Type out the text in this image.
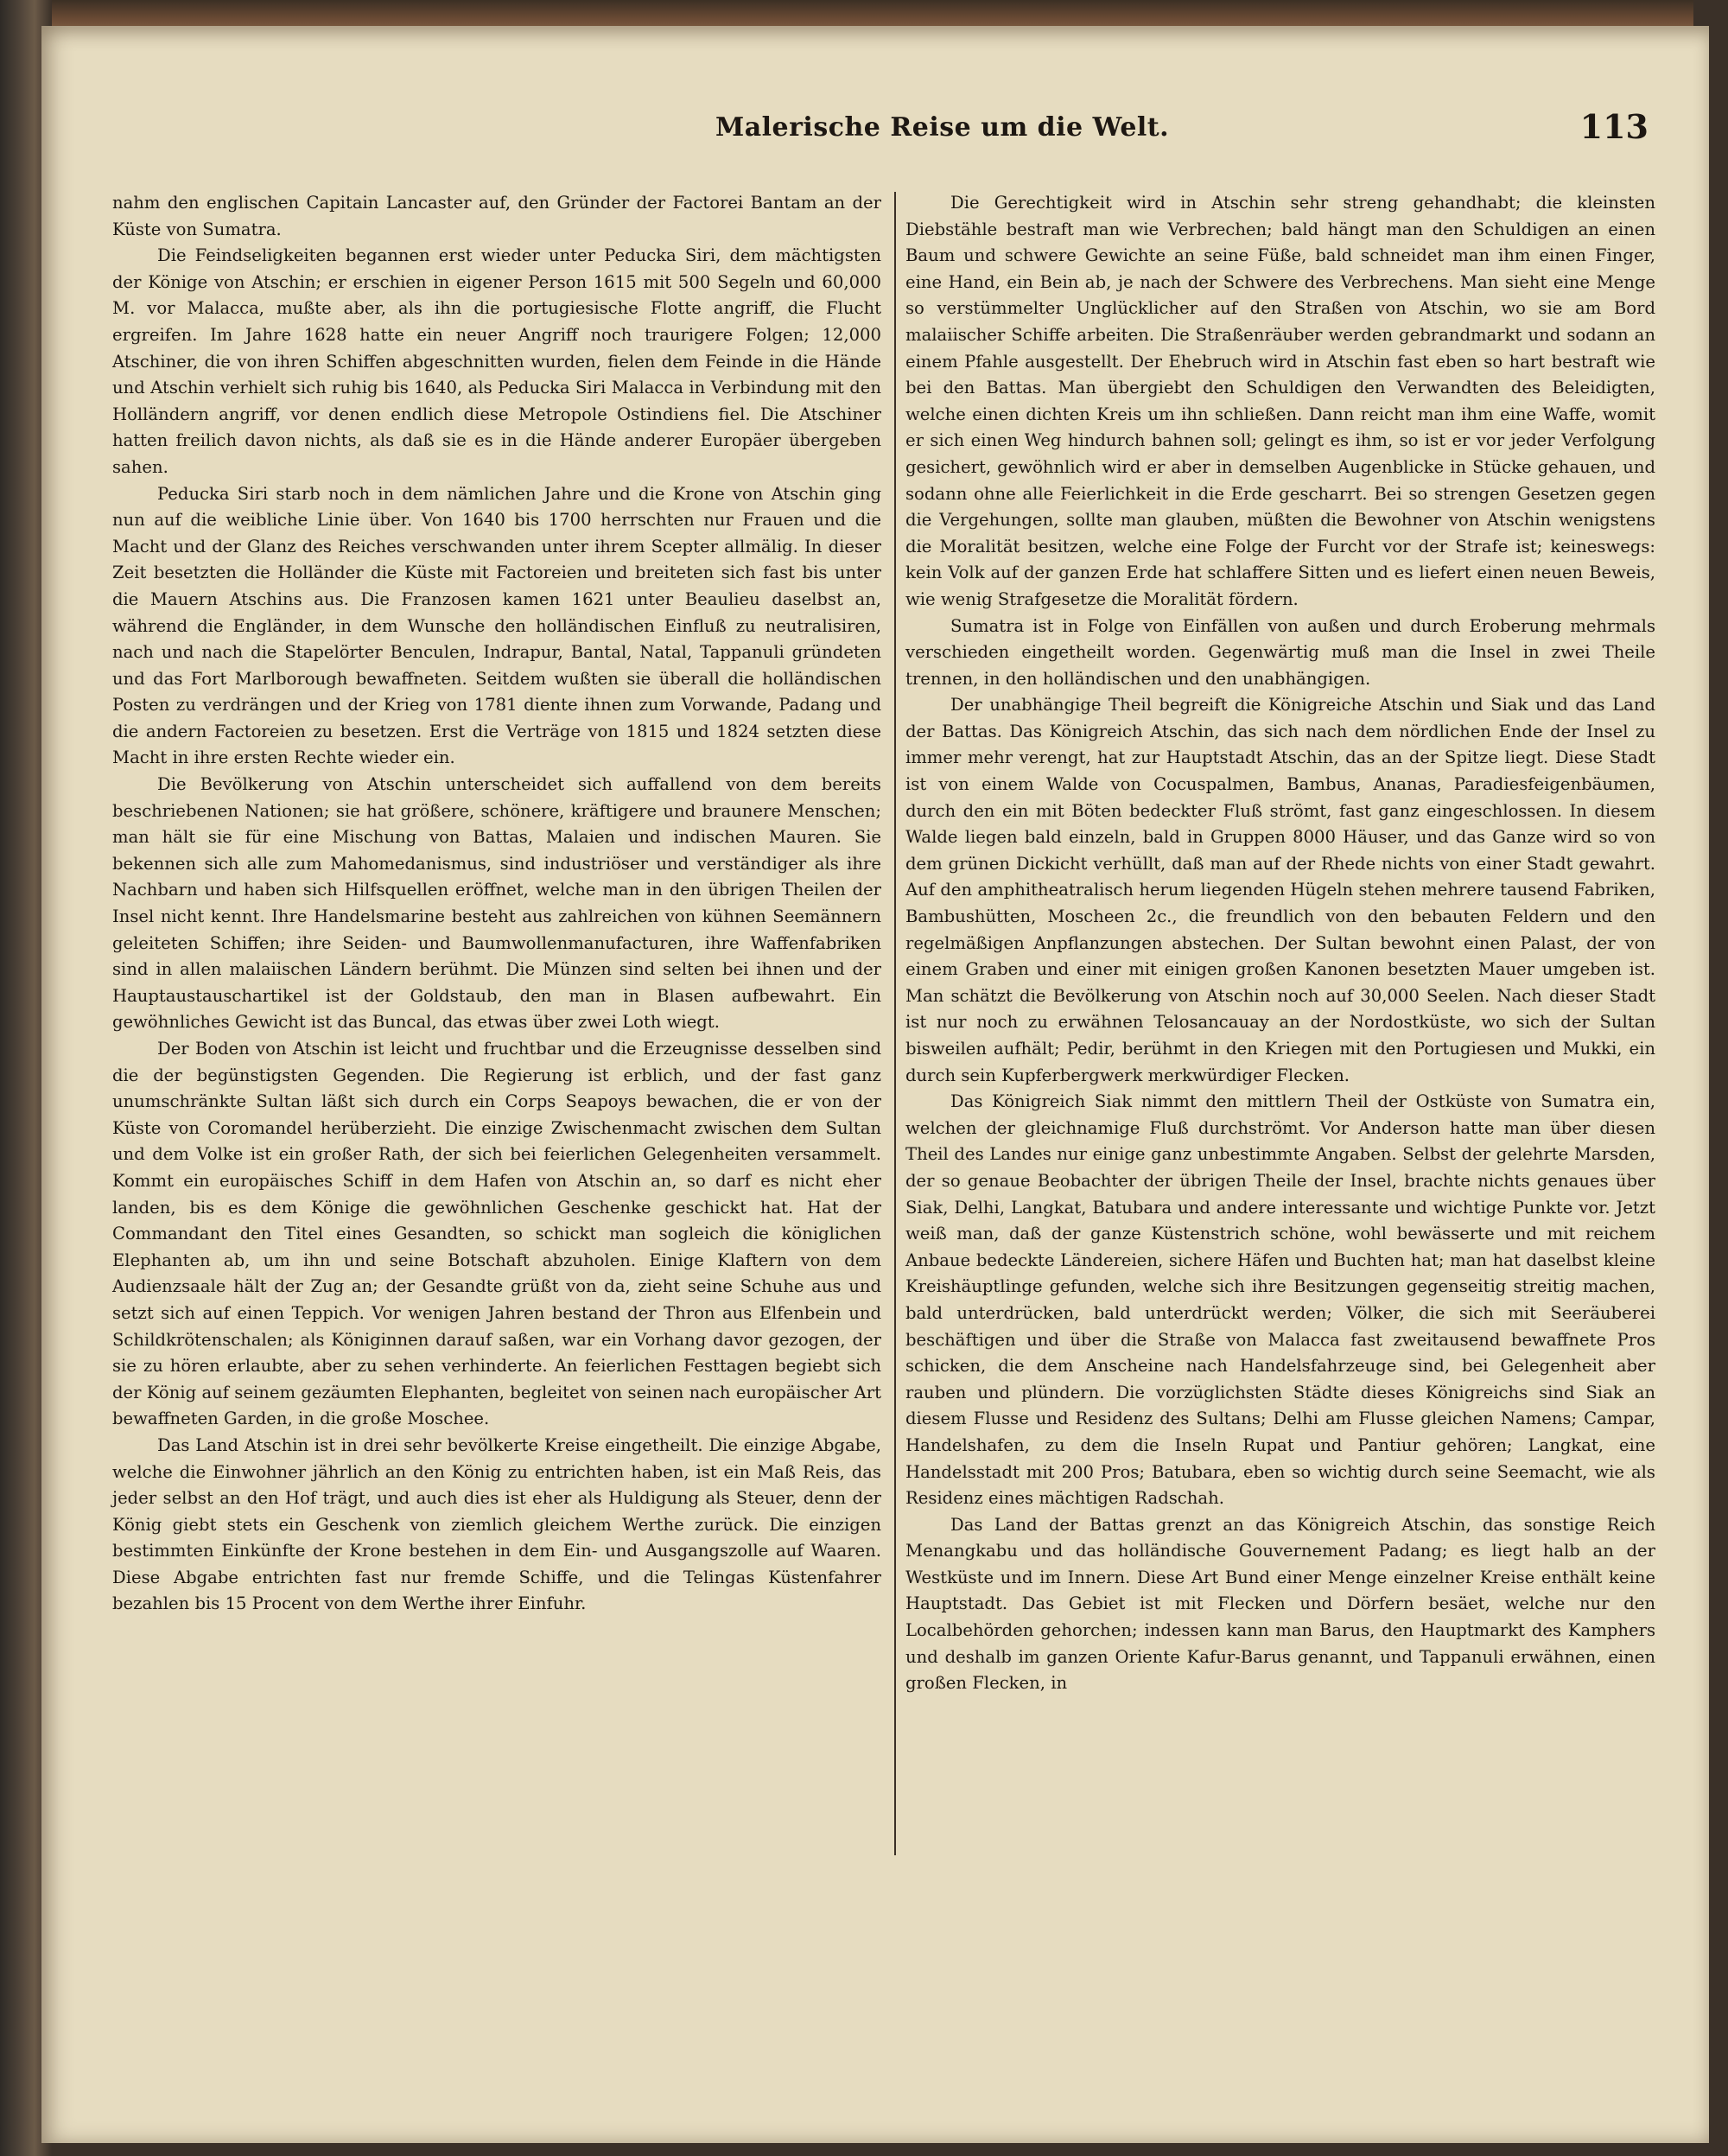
Malerische Reise um die Welt.	113

nahm den englischen Capitain Lancaster auf, den Gründer der Factorei Bantam an der Küste von Sumatra.

Die Feindseligkeiten begannen erst wieder unter Peducka Siri, dem mächtigsten der Könige von Atschin; er erschien in eigener Person 1615 mit 500 Segeln und 60,000 M. vor Malacca, mußte aber, als ihn die portugiesische Flotte angriff, die Flucht ergreifen. Im Jahre 1628 hatte ein neuer Angriff noch traurigere Folgen; 12,000 Atschiner, die von ihren Schiffen abgeschnitten wurden, fielen dem Feinde in die Hände und Atschin verhielt sich ruhig bis 1640, als Peducka Siri Malacca in Verbindung mit den Holländern angriff, vor denen endlich diese Metropole Ostindiens fiel. Die Atschiner hatten freilich davon nichts, als daß sie es in die Hände anderer Europäer übergeben sahen.

Peducka Siri starb noch in dem nämlichen Jahre und die Krone von Atschin ging nun auf die weibliche Linie über. Von 1640 bis 1700 herrschten nur Frauen und die Macht und der Glanz des Reiches verschwanden unter ihrem Scepter allmälig. In dieser Zeit besetzten die Holländer die Küste mit Factoreien und breiteten sich fast bis unter die Mauern Atschins aus. Die Franzosen kamen 1621 unter Beaulieu daselbst an, während die Engländer, in dem Wunsche den holländischen Einfluß zu neutralisiren, nach und nach die Stapelörter Benculen, Indrapur, Bantal, Natal, Tappanuli gründeten und das Fort Marlborough bewaffneten. Seitdem wußten sie überall die holländischen Posten zu verdrängen und der Krieg von 1781 diente ihnen zum Vorwande, Padang und die andern Factoreien zu besetzen. Erst die Verträge von 1815 und 1824 setzten diese Macht in ihre ersten Rechte wieder ein.

Die Bevölkerung von Atschin unterscheidet sich auffallend von dem bereits beschriebenen Nationen; sie hat größere, schönere, kräftigere und braunere Menschen; man hält sie für eine Mischung von Battas, Malaien und indischen Mauren. Sie bekennen sich alle zum Mahomedanismus, sind industriöser und verständiger als ihre Nachbarn und haben sich Hilfsquellen eröffnet, welche man in den übrigen Theilen der Insel nicht kennt. Ihre Handelsmarine besteht aus zahlreichen von kühnen Seemännern geleiteten Schiffen; ihre Seiden- und Baumwollenmanufacturen, ihre Waffenfabriken sind in allen malaiischen Ländern berühmt. Die Münzen sind selten bei ihnen und der Hauptaustauschartikel ist der Goldstaub, den man in Blasen aufbewahrt. Ein gewöhnliches Gewicht ist das Buncal, das etwas über zwei Loth wiegt.

Der Boden von Atschin ist leicht und fruchtbar und die Erzeugnisse desselben sind die der begünstigsten Gegenden. Die Regierung ist erblich, und der fast ganz unumschränkte Sultan läßt sich durch ein Corps Seapoys bewachen, die er von der Küste von Coromandel herüberzieht. Die einzige Zwischenmacht zwischen dem Sultan und dem Volke ist ein großer Rath, der sich bei feierlichen Gelegenheiten versammelt. Kommt ein europäisches Schiff in dem Hafen von Atschin an, so darf es nicht eher landen, bis es dem Könige die gewöhnlichen Geschenke geschickt hat. Hat der Commandant den Titel eines Gesandten, so schickt man sogleich die königlichen Elephanten ab, um ihn und seine Botschaft abzuholen. Einige Klaftern von dem Audienzsaale hält der Zug an; der Gesandte grüßt von da, zieht seine Schuhe aus und setzt sich auf einen Teppich. Vor wenigen Jahren bestand der Thron aus Elfenbein und Schildkrötenschalen; als Königinnen darauf saßen, war ein Vorhang davor gezogen, der sie zu hören erlaubte, aber zu sehen verhinderte. An feierlichen Festtagen begiebt sich der König auf seinem gezäumten Elephanten, begleitet von seinen nach europäischer Art bewaffneten Garden, in die große Moschee.

Das Land Atschin ist in drei sehr bevölkerte Kreise eingetheilt. Die einzige Abgabe, welche die Einwohner jährlich an den König zu entrichten haben, ist ein Maß Reis, das jeder selbst an den Hof trägt, und auch dies ist eher als Huldigung als Steuer, denn der König giebt stets ein Geschenk von ziemlich gleichem Werthe zurück. Die einzigen bestimmten Einkünfte der Krone bestehen in dem Ein- und Ausgangszolle auf Waaren. Diese Abgabe entrichten fast nur fremde Schiffe, und die Telingas Küstenfahrer bezahlen bis 15 Procent von dem Werthe ihrer Einfuhr.

Die Gerechtigkeit wird in Atschin sehr streng gehandhabt; die kleinsten Diebstähle bestraft man wie Verbrechen; bald hängt man den Schuldigen an einen Baum und schwere Gewichte an seine Füße, bald schneidet man ihm einen Finger, eine Hand, ein Bein ab, je nach der Schwere des Verbrechens. Man sieht eine Menge so verstümmelter Unglücklicher auf den Straßen von Atschin, wo sie am Bord malaiischer Schiffe arbeiten. Die Straßenräuber werden gebrandmarkt und sodann an einem Pfahle ausgestellt. Der Ehebruch wird in Atschin fast eben so hart bestraft wie bei den Battas. Man übergiebt den Schuldigen den Verwandten des Beleidigten, welche einen dichten Kreis um ihn schließen. Dann reicht man ihm eine Waffe, womit er sich einen Weg hindurch bahnen soll; gelingt es ihm, so ist er vor jeder Verfolgung gesichert, gewöhnlich wird er aber in demselben Augenblicke in Stücke gehauen, und sodann ohne alle Feierlichkeit in die Erde gescharrt. Bei so strengen Gesetzen gegen die Vergehungen, sollte man glauben, müßten die Bewohner von Atschin wenigstens die Moralität besitzen, welche eine Folge der Furcht vor der Strafe ist; keineswegs: kein Volk auf der ganzen Erde hat schlaffere Sitten und es liefert einen neuen Beweis, wie wenig Strafgesetze die Moralität fördern.

Sumatra ist in Folge von Einfällen von außen und durch Eroberung mehrmals verschieden eingetheilt worden. Gegenwärtig muß man die Insel in zwei Theile trennen, in den holländischen und den unabhängigen.

Der unabhängige Theil begreift die Königreiche Atschin und Siak und das Land der Battas. Das Königreich Atschin, das sich nach dem nördlichen Ende der Insel zu immer mehr verengt, hat zur Hauptstadt Atschin, das an der Spitze liegt. Diese Stadt ist von einem Walde von Cocuspalmen, Bambus, Ananas, Paradiesfeigenbäumen, durch den ein mit Böten bedeckter Fluß strömt, fast ganz eingeschlossen. In diesem Walde liegen bald einzeln, bald in Gruppen 8000 Häuser, und das Ganze wird so von dem grünen Dickicht verhüllt, daß man auf der Rhede nichts von einer Stadt gewahrt. Auf den amphitheatralisch herum liegenden Hügeln stehen mehrere tausend Fabriken, Bambushütten, Moscheen 2c., die freundlich von den bebauten Feldern und den regelmäßigen Anpflanzungen abstechen. Der Sultan bewohnt einen Palast, der von einem Graben und einer mit einigen großen Kanonen besetzten Mauer umgeben ist. Man schätzt die Bevölkerung von Atschin noch auf 30,000 Seelen. Nach dieser Stadt ist nur noch zu erwähnen Telosancauay an der Nordostküste, wo sich der Sultan bisweilen aufhält; Pedir, berühmt in den Kriegen mit den Portugiesen und Mukki, ein durch sein Kupferbergwerk merkwürdiger Flecken.

Das Königreich Siak nimmt den mittlern Theil der Ostküste von Sumatra ein, welchen der gleichnamige Fluß durchströmt. Vor Anderson hatte man über diesen Theil des Landes nur einige ganz unbestimmte Angaben. Selbst der gelehrte Marsden, der so genaue Beobachter der übrigen Theile der Insel, brachte nichts genaues über Siak, Delhi, Langkat, Batubara und andere interessante und wichtige Punkte vor. Jetzt weiß man, daß der ganze Küstenstrich schöne, wohl bewässerte und mit reichem Anbaue bedeckte Ländereien, sichere Häfen und Buchten hat; man hat daselbst kleine Kreishäuptlinge gefunden, welche sich ihre Besitzungen gegenseitig streitig machen, bald unterdrücken, bald unterdrückt werden; Völker, die sich mit Seeräuberei beschäftigen und über die Straße von Malacca fast zweitausend bewaffnete Pros schicken, die dem Anscheine nach Handelsfahrzeuge sind, bei Gelegenheit aber rauben und plündern. Die vorzüglichsten Städte dieses Königreichs sind Siak an diesem Flusse und Residenz des Sultans; Delhi am Flusse gleichen Namens; Campar, Handelshafen, zu dem die Inseln Rupat und Pantiur gehören; Langkat, eine Handelsstadt mit 200 Pros; Batubara, eben so wichtig durch seine Seemacht, wie als Residenz eines mächtigen Radschah.

Das Land der Battas grenzt an das Königreich Atschin, das sonstige Reich Menangkabu und das holländische Gouvernement Padang; es liegt halb an der Westküste und im Innern. Diese Art Bund einer Menge einzelner Kreise enthält keine Hauptstadt. Das Gebiet ist mit Flecken und Dörfern besäet, welche nur den Localbehörden gehorchen; indessen kann man Barus, den Hauptmarkt des Kamphers und deshalb im ganzen Oriente Kafur-Barus genannt, und Tappanuli erwähnen, einen großen Flecken, in
